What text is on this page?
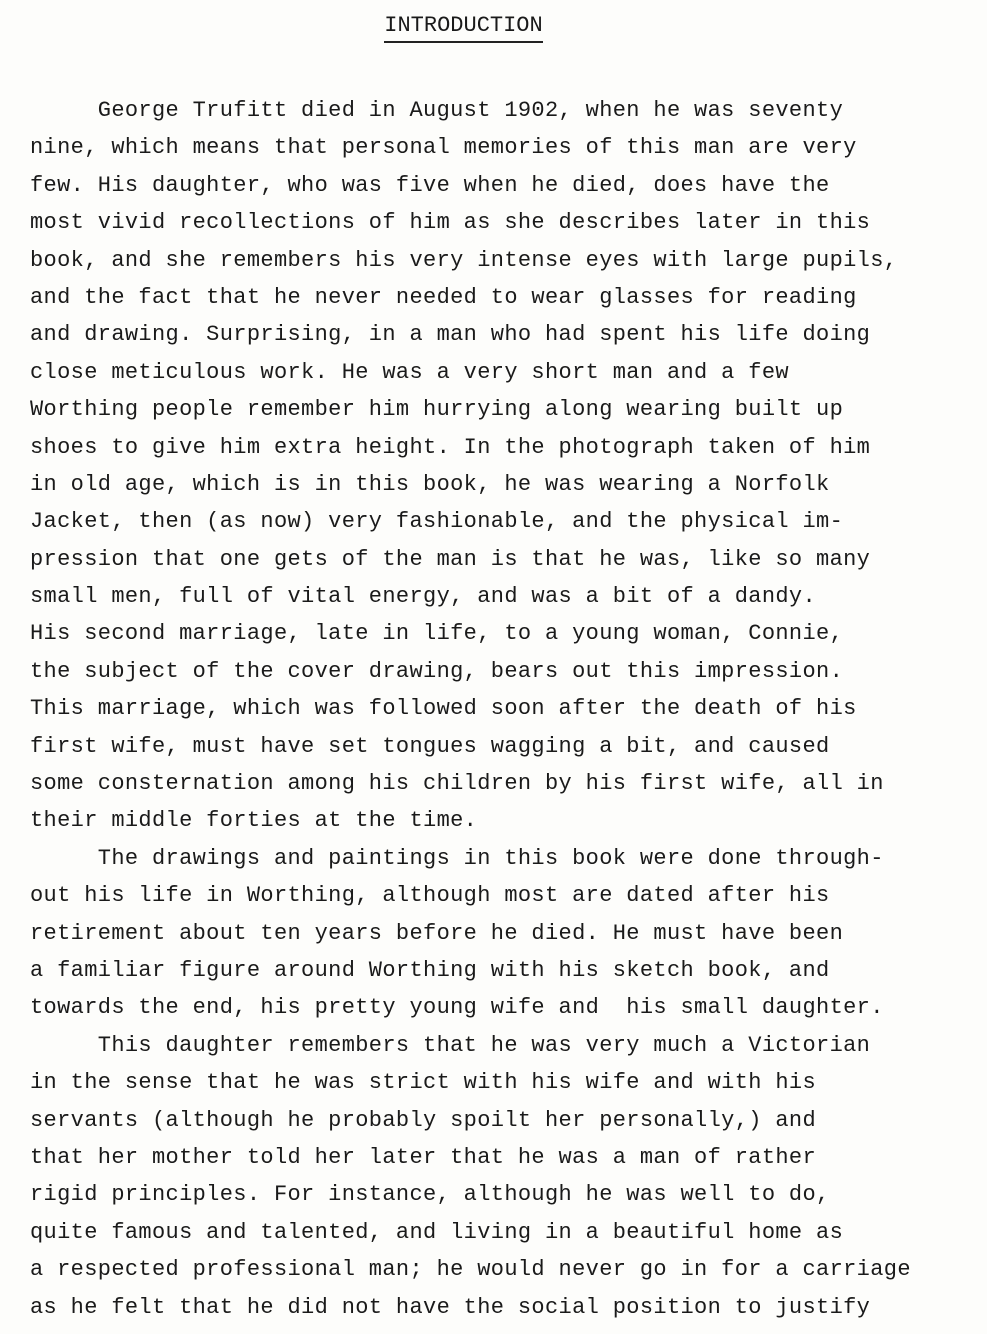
INTRODUCTION
George Trufitt died in August 1902, when he was seventy
nine, which means that personal memories of this man are very
few. His daughter, who was five when he died, does have the
most vivid recollections of him as she describes later in this
book, and she remembers his very intense eyes with large pupils,
and the fact that he never needed to wear glasses for reading
and drawing. Surprising, in a man who had spent his life doing
close meticulous work. He was a very short man and a few
Worthing people remember him hurrying along wearing built up
shoes to give him extra height. In the photograph taken of him
in old age, which is in this book, he was wearing a Norfolk
Jacket, then (as now) very fashionable, and the physical im-
pression that one gets of the man is that he was, like so many
small men, full of vital energy, and was a bit of a dandy.
His second marriage, late in life, to a young woman, Connie,
the subject of the cover drawing, bears out this impression.
This marriage, which was followed soon after the death of his
first wife, must have set tongues wagging a bit, and caused
some consternation among his children by his first wife, all in
their middle forties at the time.
The drawings and paintings in this book were done through-
out his life in Worthing, although most are dated after his
retirement about ten years before he died. He must have been
a familiar figure around Worthing with his sketch book, and
towards the end, his pretty young wife and  his small daughter.
This daughter remembers that he was very much a Victorian
in the sense that he was strict with his wife and with his
servants (although he probably spoilt her personally,) and
that her mother told her later that he was a man of rather
rigid principles. For instance, although he was well to do,
quite famous and talented, and living in a beautiful home as
a respected professional man; he would never go in for a carriage
as he felt that he did not have the social position to justify
